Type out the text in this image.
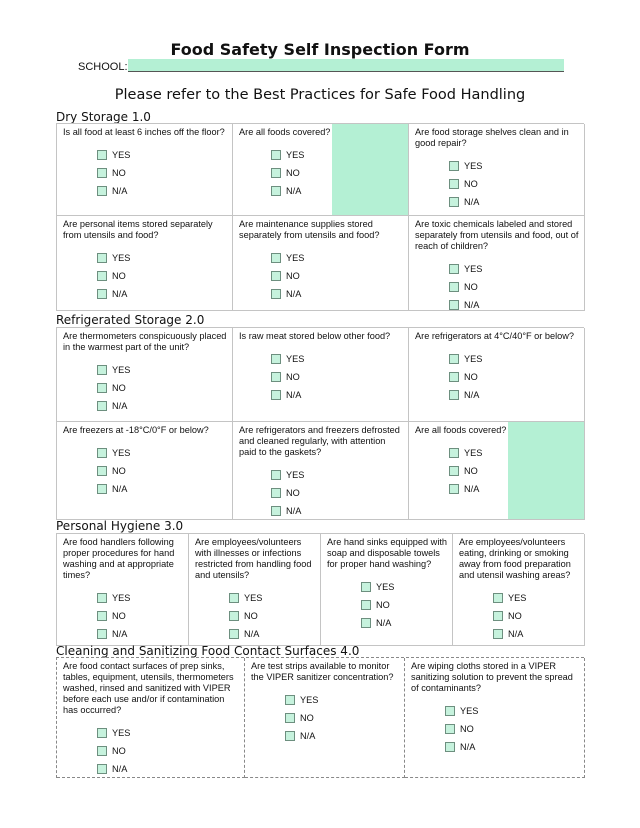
Food Safety Self Inspection Form
SCHOOL:
Please refer to the Best Practices for Safe Food Handling
Dry Storage 1.0
Is all food at least 6 inches off the floor?
YES
NO
N/A
Are all foods covered?
YES
NO
N/A
Are food storage shelves clean and in good repair?
YES
NO
N/A
Are personal items stored separately from utensils and food?
YES
NO
N/A
Are maintenance supplies stored separately from utensils and food?
YES
NO
N/A
Are toxic chemicals labeled and stored separately from utensils and food, out of reach of children?
YES
NO
N/A
Refrigerated Storage 2.0
Are thermometers conspicuously placed in the warmest part of the unit?
YES
NO
N/A
Is raw meat stored below other food?
YES
NO
N/A
Are refrigerators at 4°C/40°F or below?
YES
NO
N/A
Are freezers at -18°C/0°F or below?
YES
NO
N/A
Are refrigerators and freezers defrosted and cleaned regularly, with attention paid to the gaskets?
YES
NO
N/A
Are all foods covered?
YES
NO
N/A
Personal Hygiene 3.0
Are food handlers following proper procedures for hand washing and at appropriate times?
YES
NO
N/A
Are employees/volunteers with illnesses or infections restricted from handling food and utensils?
YES
NO
N/A
Are hand sinks equipped with soap and disposable towels for proper hand washing?
YES
NO
N/A
Are employees/volunteers eating, drinking or smoking away from food preparation and utensil washing areas?
YES
NO
N/A
Cleaning and Sanitizing Food Contact Surfaces 4.0
Are food contact surfaces of prep sinks, tables, equipment, utensils, thermometers washed, rinsed and sanitized with VIPER before each use and/or if contamination has occurred?
YES
NO
N/A
Are test strips available to monitor the VIPER sanitizer concentration?
YES
NO
N/A
Are wiping cloths stored in a VIPER sanitizing solution to prevent the spread of contaminants?
YES
NO
N/A
